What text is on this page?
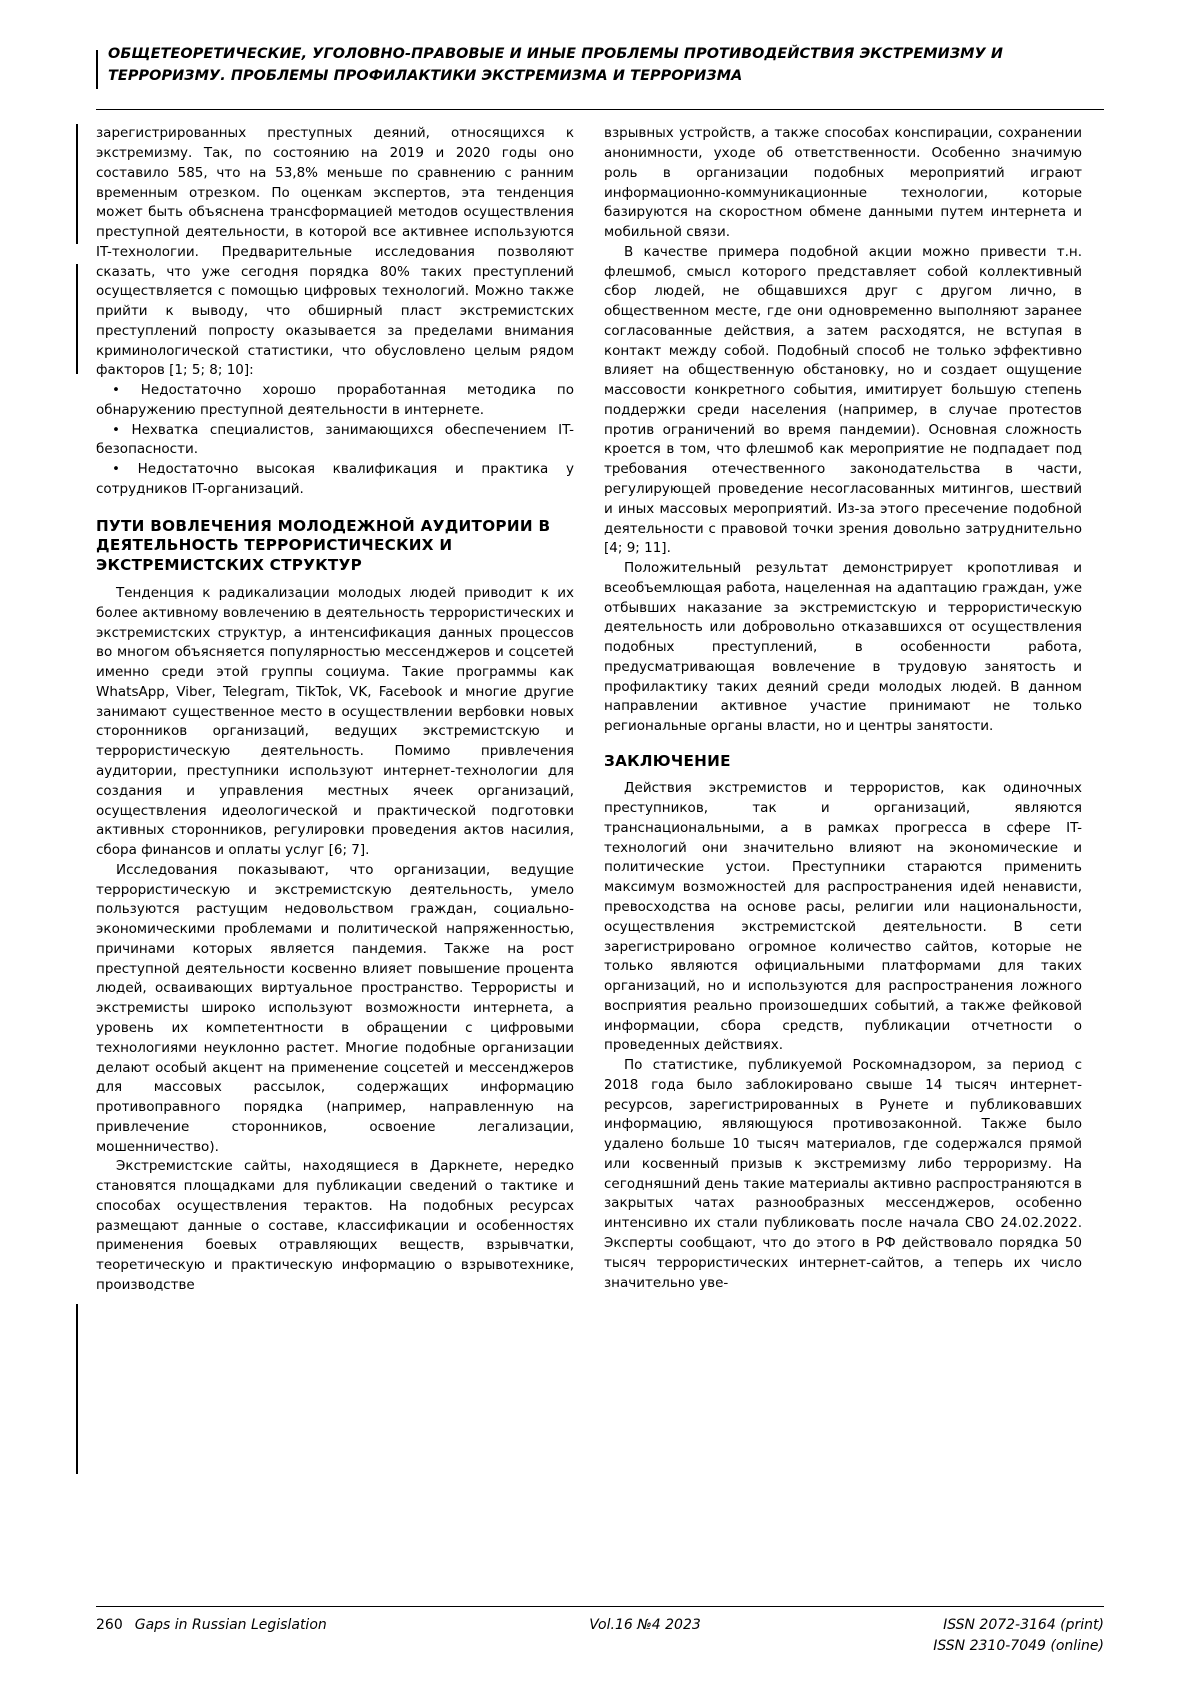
ОБЩЕТЕОРЕТИЧЕСКИЕ, УГОЛОВНО-ПРАВОВЫЕ И ИНЫЕ ПРОБЛЕМЫ ПРОТИВОДЕЙСТВИЯ ЭКСТРЕМИЗМУ И ТЕРРОРИЗМУ. ПРОБЛЕМЫ ПРОФИЛАКТИКИ ЭКСТРЕМИЗМА И ТЕРРОРИЗМА

зарегистрированных преступных деяний, относящихся к экстремизму. Так, по состоянию на 2019 и 2020 годы оно составило 585, что на 53,8% меньше по сравнению с ранним временным отрезком. По оценкам экспертов, эта тенденция может быть объяснена трансформацией методов осуществления преступной деятельности, в которой все активнее используются IT-технологии. Предварительные исследования позволяют сказать, что уже сегодня порядка 80% таких преступлений осуществляется с помощью цифровых технологий. Можно также прийти к выводу, что обширный пласт экстремистских преступлений попросту оказывается за пределами внимания криминологической статистики, что обусловлено целым рядом факторов [1; 5; 8; 10]:

• Недостаточно хорошо проработанная методика по обнаружению преступной деятельности в интернете.

• Нехватка специалистов, занимающихся обеспечением IT-безопасности.

• Недостаточно высокая квалификация и практика у сотрудников IT-организаций.

ПУТИ ВОВЛЕЧЕНИЯ МОЛОДЕЖНОЙ АУДИТОРИИ В ДЕЯТЕЛЬНОСТЬ ТЕРРОРИСТИЧЕСКИХ И ЭКСТРЕМИСТСКИХ СТРУКТУР

Тенденция к радикализации молодых людей приводит к их более активному вовлечению в деятельность террористических и экстремистских структур, а интенсификация данных процессов во многом объясняется популярностью мессенджеров и соцсетей именно среди этой группы социума. Такие программы как WhatsApp, Viber, Telegram, TikTok, VK, Facebook и многие другие занимают существенное место в осуществлении вербовки новых сторонников организаций, ведущих экстремистскую и террористическую деятельность. Помимо привлечения аудитории, преступники используют интернет-технологии для создания и управления местных ячеек организаций, осуществления идеологической и практической подготовки активных сторонников, регулировки проведения актов насилия, сбора финансов и оплаты услуг [6; 7].

Исследования показывают, что организации, ведущие террористическую и экстремистскую деятельность, умело пользуются растущим недовольством граждан, социально-экономическими проблемами и политической напряженностью, причинами которых является пандемия. Также на рост преступной деятельности косвенно влияет повышение процента людей, осваивающих виртуальное пространство. Террористы и экстремисты широко используют возможности интернета, а уровень их компетентности в обращении с цифровыми технологиями неуклонно растет. Многие подобные организации делают особый акцент на применение соцсетей и мессенджеров для массовых рассылок, содержащих информацию противоправного порядка (например, направленную на привлечение сторонников, освоение легализации, мошенничество).

Экстремистские сайты, находящиеся в Даркнете, нередко становятся площадками для публикации сведений о тактике и способах осуществления терактов. На подобных ресурсах размещают данные о составе, классификации и особенностях применения боевых отравляющих веществ, взрывчатки, теоретическую и практическую информацию о взрывотехнике, производстве

взрывных устройств, а также способах конспирации, сохранении анонимности, уходе об ответственности. Особенно значимую роль в организации подобных мероприятий играют информационно-коммуникационные технологии, которые базируются на скоростном обмене данными путем интернета и мобильной связи.

В качестве примера подобной акции можно привести т.н. флешмоб, смысл которого представляет собой коллективный сбор людей, не общавшихся друг с другом лично, в общественном месте, где они одновременно выполняют заранее согласованные действия, а затем расходятся, не вступая в контакт между собой. Подобный способ не только эффективно влияет на общественную обстановку, но и создает ощущение массовости конкретного события, имитирует большую степень поддержки среди населения (например, в случае протестов против ограничений во время пандемии). Основная сложность кроется в том, что флешмоб как мероприятие не подпадает под требования отечественного законодательства в части, регулирующей проведение несогласованных митингов, шествий и иных массовых мероприятий. Из-за этого пресечение подобной деятельности с правовой точки зрения довольно затруднительно [4; 9; 11].

Положительный результат демонстрирует кропотливая и всеобъемлющая работа, нацеленная на адаптацию граждан, уже отбывших наказание за экстремистскую и террористическую деятельность или добровольно отказавшихся от осуществления подобных преступлений, в особенности работа, предусматривающая вовлечение в трудовую занятость и профилактику таких деяний среди молодых людей. В данном направлении активное участие принимают не только региональные органы власти, но и центры занятости.

ЗАКЛЮЧЕНИЕ

Действия экстремистов и террористов, как одиночных преступников, так и организаций, являются транснациональными, а в рамках прогресса в сфере IT-технологий они значительно влияют на экономические и политические устои. Преступники стараются применить максимум возможностей для распространения идей ненависти, превосходства на основе расы, религии или национальности, осуществления экстремистской деятельности. В сети зарегистрировано огромное количество сайтов, которые не только являются официальными платформами для таких организаций, но и используются для распространения ложного восприятия реально произошедших событий, а также фейковой информации, сбора средств, публикации отчетности о проведенных действиях.

По статистике, публикуемой Роскомнадзором, за период с 2018 года было заблокировано свыше 14 тысяч интернет-ресурсов, зарегистрированных в Рунете и публиковавших информацию, являющуюся противозаконной. Также было удалено больше 10 тысяч материалов, где содержался прямой или косвенный призыв к экстремизму либо терроризму. На сегодняшний день такие материалы активно распространяются в закрытых чатах разнообразных мессенджеров, особенно интенсивно их стали публиковать после начала СВО 24.02.2022. Эксперты сообщают, что до этого в РФ действовало порядка 50 тысяч террористических интернет-сайтов, а теперь их число значительно уве-

260 Gaps in Russian Legislation	Vol.16 №4 2023	ISSN 2072-3164 (print)
ISSN 2310-7049 (online)
